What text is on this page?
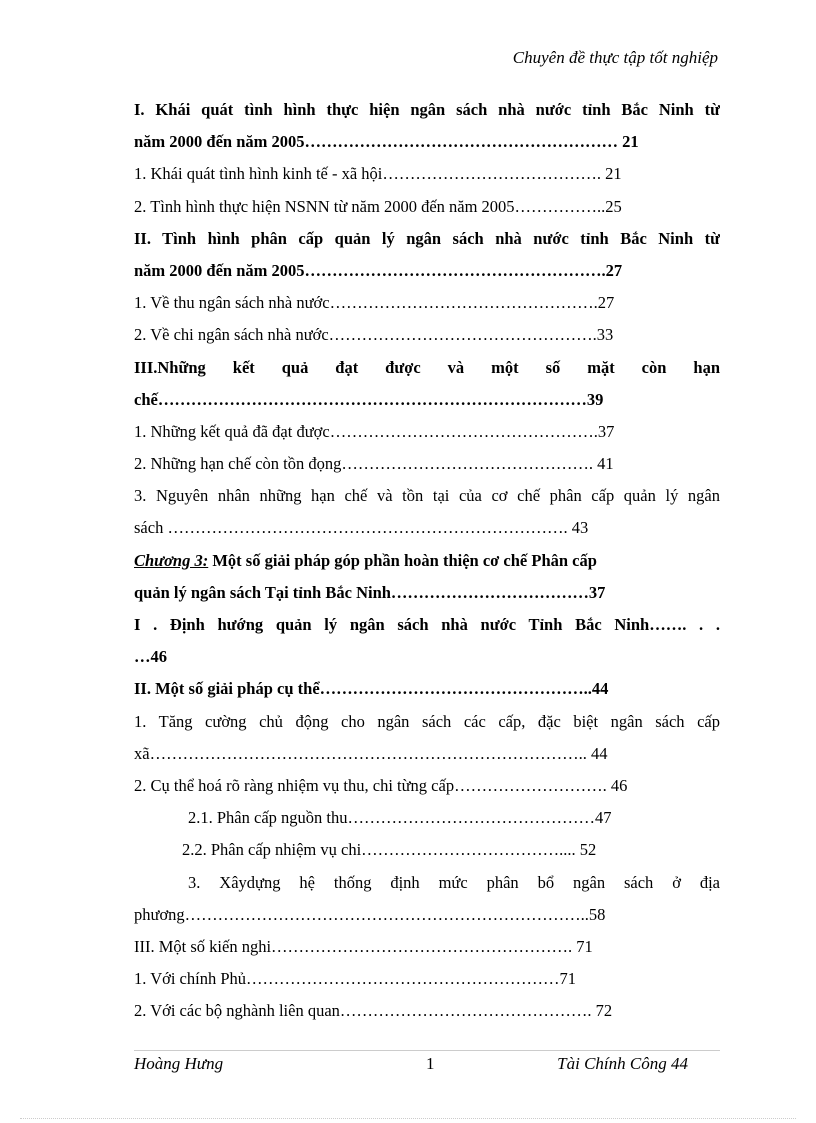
Chuyên đề thực tập tốt nghiệp
I. Khái quát tình hình thực hiện ngân sách nhà nước tỉnh Bắc Ninh từ
năm 2000 đến năm 2005………………………………………………… 21
1. Khái quát tình hình kinh tế - xã hội…………………………………. 21
2. Tình hình thực hiện NSNN từ năm 2000 đến năm 2005……………..25
II. Tình hình phân cấp quản lý ngân sách nhà nước tỉnh Bắc Ninh từ
năm 2000 đến năm 2005……………………………………………….27
1. Về thu ngân sách nhà nước………………………………………….27
2. Về chi ngân sách nhà nước………………………………………….33
III.Những kết quả đạt được và một số mặt còn hạn
chế……………………………………………………………………39
1. Những kết quả đã đạt được………………………………………….37
2. Những hạn chế còn tồn đọng………………………………………. 41
3. Nguyên nhân những hạn chế và tồn tại của cơ chế phân cấp quản lý ngân
sách ………………………………………………………………. 43
Chương 3: Một số giải pháp góp phần hoàn thiện cơ chế Phân cấp
quản lý ngân sách Tại tỉnh Bắc Ninh………………………………37
I . Định hướng quản lý ngân sách nhà nước Tỉnh Bắc Ninh……. . .
…46
II. Một số giải pháp cụ thể…………………………………………..44
1. Tăng cường chủ động cho ngân sách các cấp, đặc biệt ngân sách cấp
xã…………………………………………………………………….. 44
2. Cụ thể hoá rõ ràng nhiệm vụ thu, chi từng cấp………………………. 46
2.1. Phân cấp nguồn thu………………………………………47
2.2. Phân cấp nhiệm vụ chi……………………………….... 52
3. Xâydựng hệ thống định mức phân bổ ngân sách ở địa
phương………………………………………………………………..58
III. Một số kiến nghi………………………………………………. 71
1. Với chính Phủ…………………………………………………71
2. Với các bộ nghành liên quan………………………………………. 72
Hoàng Hưng	1	Tài Chính Công 44
